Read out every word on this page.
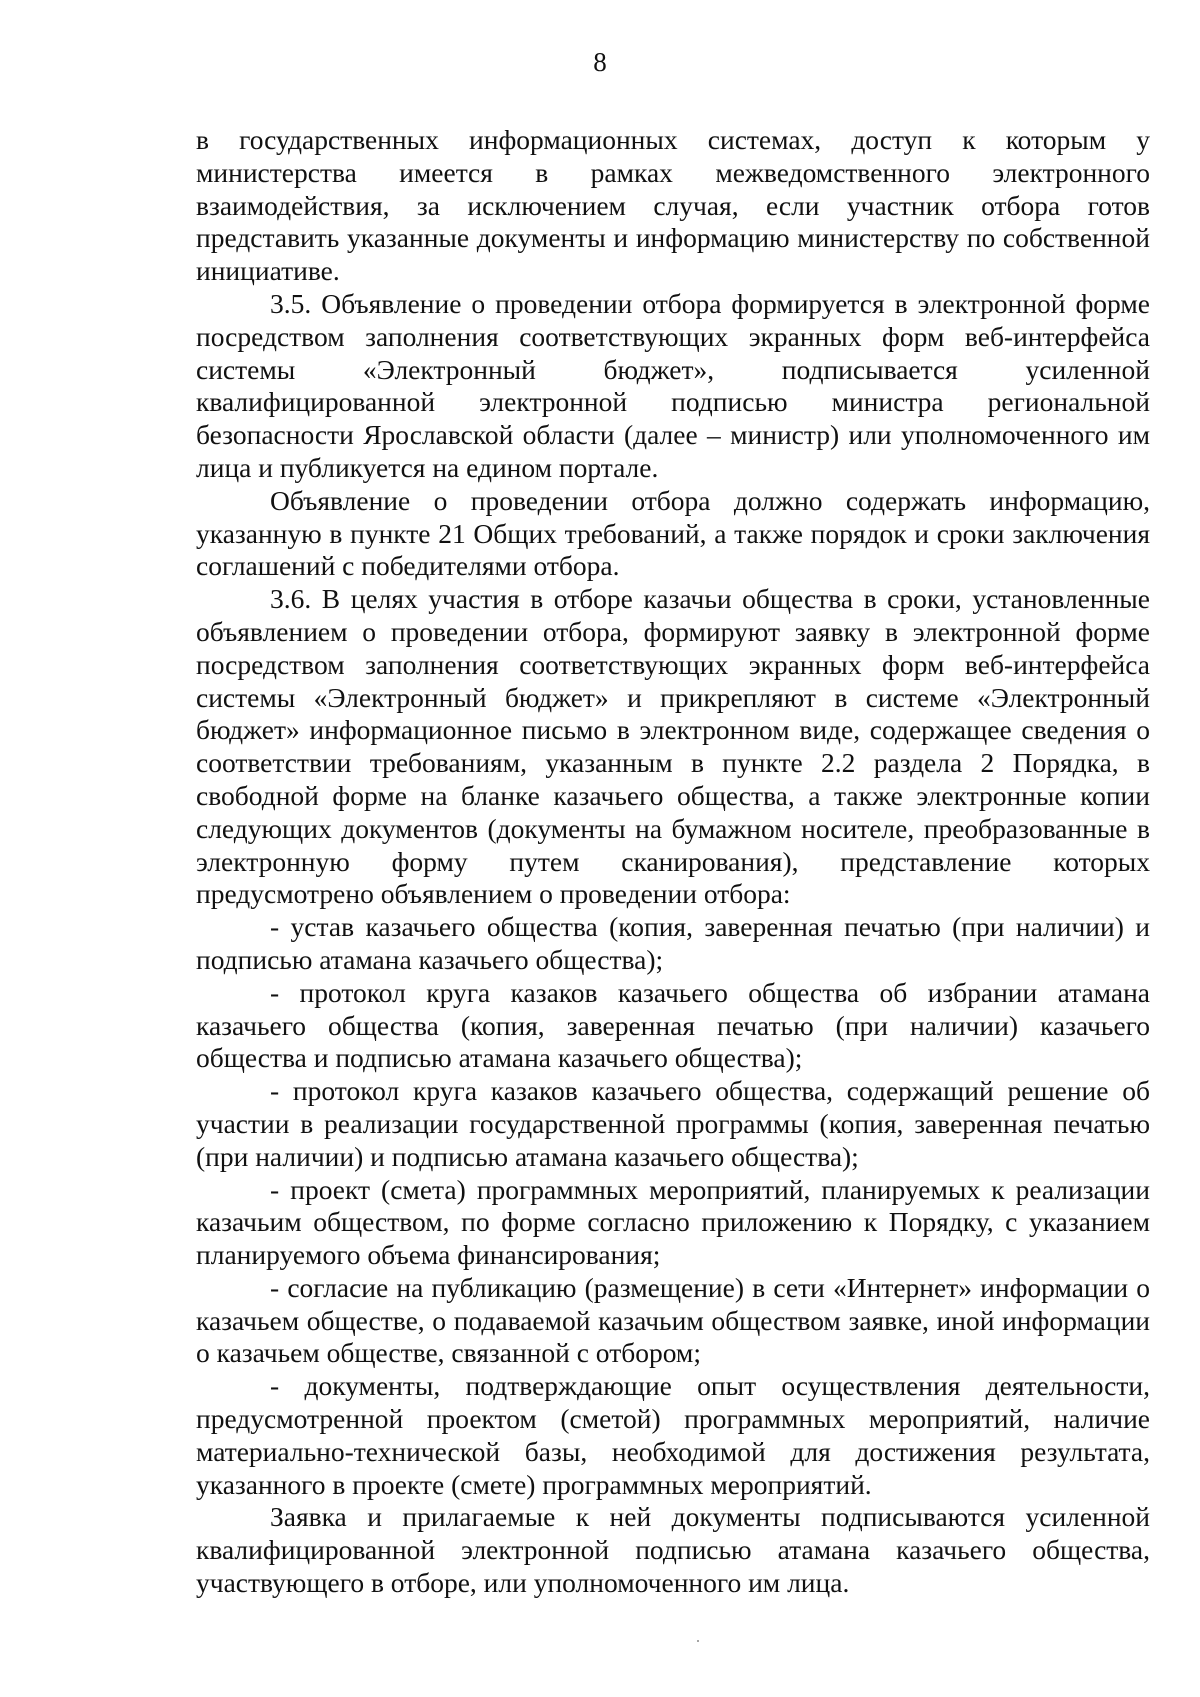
8

в государственных информационных системах, доступ к которым у министерства имеется в рамках межведомственного электронного взаимодействия, за исключением случая, если участник отбора готов представить указанные документы и информацию министерству по собственной инициативе.

3.5. Объявление о проведении отбора формируется в электронной форме посредством заполнения соответствующих экранных форм веб-интерфейса системы «Электронный бюджет», подписывается усиленной квалифицированной электронной подписью министра региональной безопасности Ярославской области (далее – министр) или уполномоченного им лица и публикуется на едином портале.

Объявление о проведении отбора должно содержать информацию, указанную в пункте 21 Общих требований, а также порядок и сроки заключения соглашений с победителями отбора.

3.6. В целях участия в отборе казачьи общества в сроки, установленные объявлением о проведении отбора, формируют заявку в электронной форме посредством заполнения соответствующих экранных форм веб-интерфейса системы «Электронный бюджет» и прикрепляют в системе «Электронный бюджет» информационное письмо в электронном виде, содержащее сведения о соответствии требованиям, указанным в пункте 2.2 раздела 2 Порядка, в свободной форме на бланке казачьего общества, а также электронные копии следующих документов (документы на бумажном носителе, преобразованные в электронную форму путем сканирования), представление которых предусмотрено объявлением о проведении отбора:

- устав казачьего общества (копия, заверенная печатью (при наличии) и подписью атамана казачьего общества);

- протокол круга казаков казачьего общества об избрании атамана казачьего общества (копия, заверенная печатью (при наличии) казачьего общества и подписью атамана казачьего общества);

- протокол круга казаков казачьего общества, содержащий решение об участии в реализации государственной программы (копия, заверенная печатью (при наличии) и подписью атамана казачьего общества);

- проект (смета) программных мероприятий, планируемых к реализации казачьим обществом, по форме согласно приложению к Порядку, с указанием планируемого объема финансирования;

- согласие на публикацию (размещение) в сети «Интернет» информации о казачьем обществе, о подаваемой казачьим обществом заявке, иной информации о казачьем обществе, связанной с отбором;

- документы, подтверждающие опыт осуществления деятельности, предусмотренной проектом (сметой) программных мероприятий, наличие материально-технической базы, необходимой для достижения результата, указанного в проекте (смете) программных мероприятий.

Заявка и прилагаемые к ней документы подписываются усиленной квалифицированной электронной подписью атамана казачьего общества, участвующего в отборе, или уполномоченного им лица.
